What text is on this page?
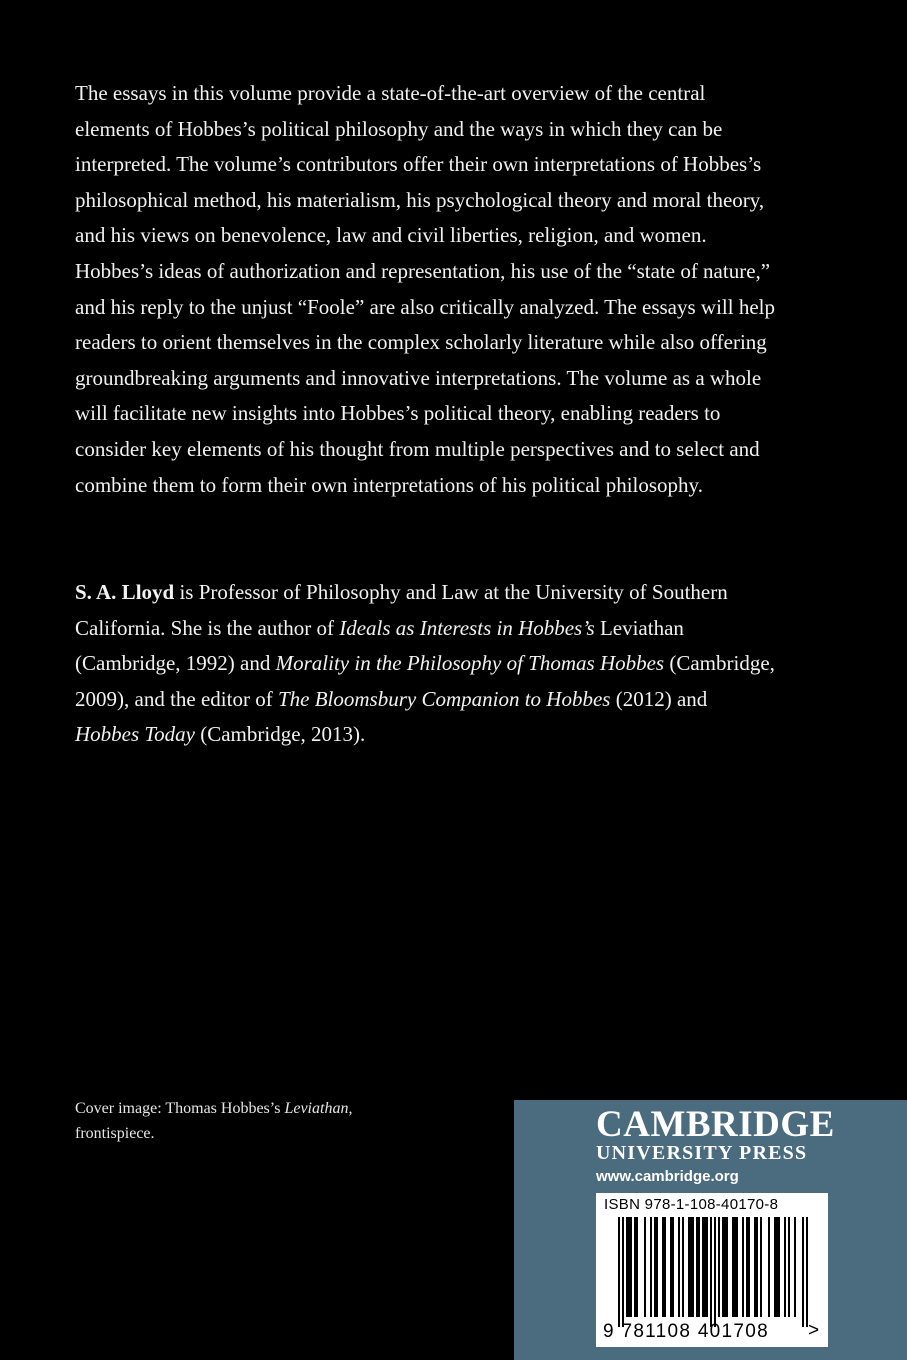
The essays in this volume provide a state-of-the-art overview of the central elements of Hobbes’s political philosophy and the ways in which they can be interpreted. The volume’s contributors offer their own interpretations of Hobbes’s philosophical method, his materialism, his psychological theory and moral theory, and his views on benevolence, law and civil liberties, religion, and women. Hobbes’s ideas of authorization and representation, his use of the “state of nature,” and his reply to the unjust “Foole” are also critically analyzed. The essays will help readers to orient themselves in the complex scholarly literature while also offering groundbreaking arguments and innovative interpretations. The volume as a whole will facilitate new insights into Hobbes’s political theory, enabling readers to consider key elements of his thought from multiple perspectives and to select and combine them to form their own interpretations of his political philosophy.

S. A. Lloyd is Professor of Philosophy and Law at the University of Southern California. She is the author of Ideals as Interests in Hobbes’s Leviathan (Cambridge, 1992) and Morality in the Philosophy of Thomas Hobbes (Cambridge, 2009), and the editor of The Bloomsbury Companion to Hobbes (2012) and Hobbes Today (Cambridge, 2013).

Cover image: Thomas Hobbes’s Leviathan, frontispiece.	CAMBRIDGE

UNIVERSITY PRESS

www.cambridge.org

ISBN 978-1-108-40170-8

9 781108 401708 >
